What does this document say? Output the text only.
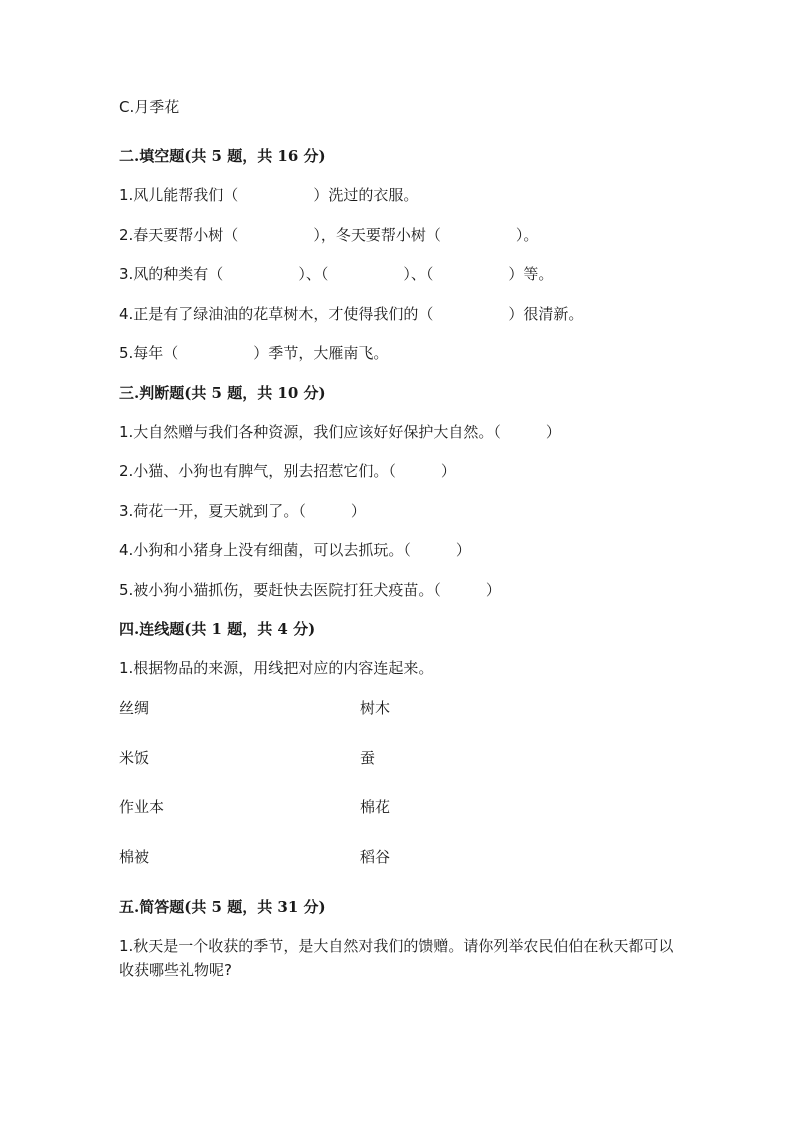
C.月季花
二.填空题(共 5 题，共 16 分)
1.风儿能帮我们（　　　　　）洗过的衣服。
2.春天要帮小树（　　　　　），冬天要帮小树（　　　　　）。
3.风的种类有（　　　　　）、（　　　　　）、（　　　　　）等。
4.正是有了绿油油的花草树木，才使得我们的（　　　　　）很清新。
5.每年（　　　　　）季节，大雁南飞。
三.判断题(共 5 题，共 10 分)
1.大自然赠与我们各种资源，我们应该好好保护大自然。（　　　）
2.小猫、小狗也有脾气，别去招惹它们。（　　　）
3.荷花一开，夏天就到了。（　　　）
4.小狗和小猪身上没有细菌，可以去抓玩。（　　　）
5.被小狗小猫抓伤，要赶快去医院打狂犬疫苗。（　　　）
四.连线题(共 1 题，共 4 分)
1.根据物品的来源，用线把对应的内容连起来。
丝绸	树木
米饭	蚕
作业本	棉花
棉被	稻谷
五.简答题(共 5 题，共 31 分)
1.秋天是一个收获的季节，是大自然对我们的馈赠。请你列举农民伯伯在秋天都可以收获哪些礼物呢?
